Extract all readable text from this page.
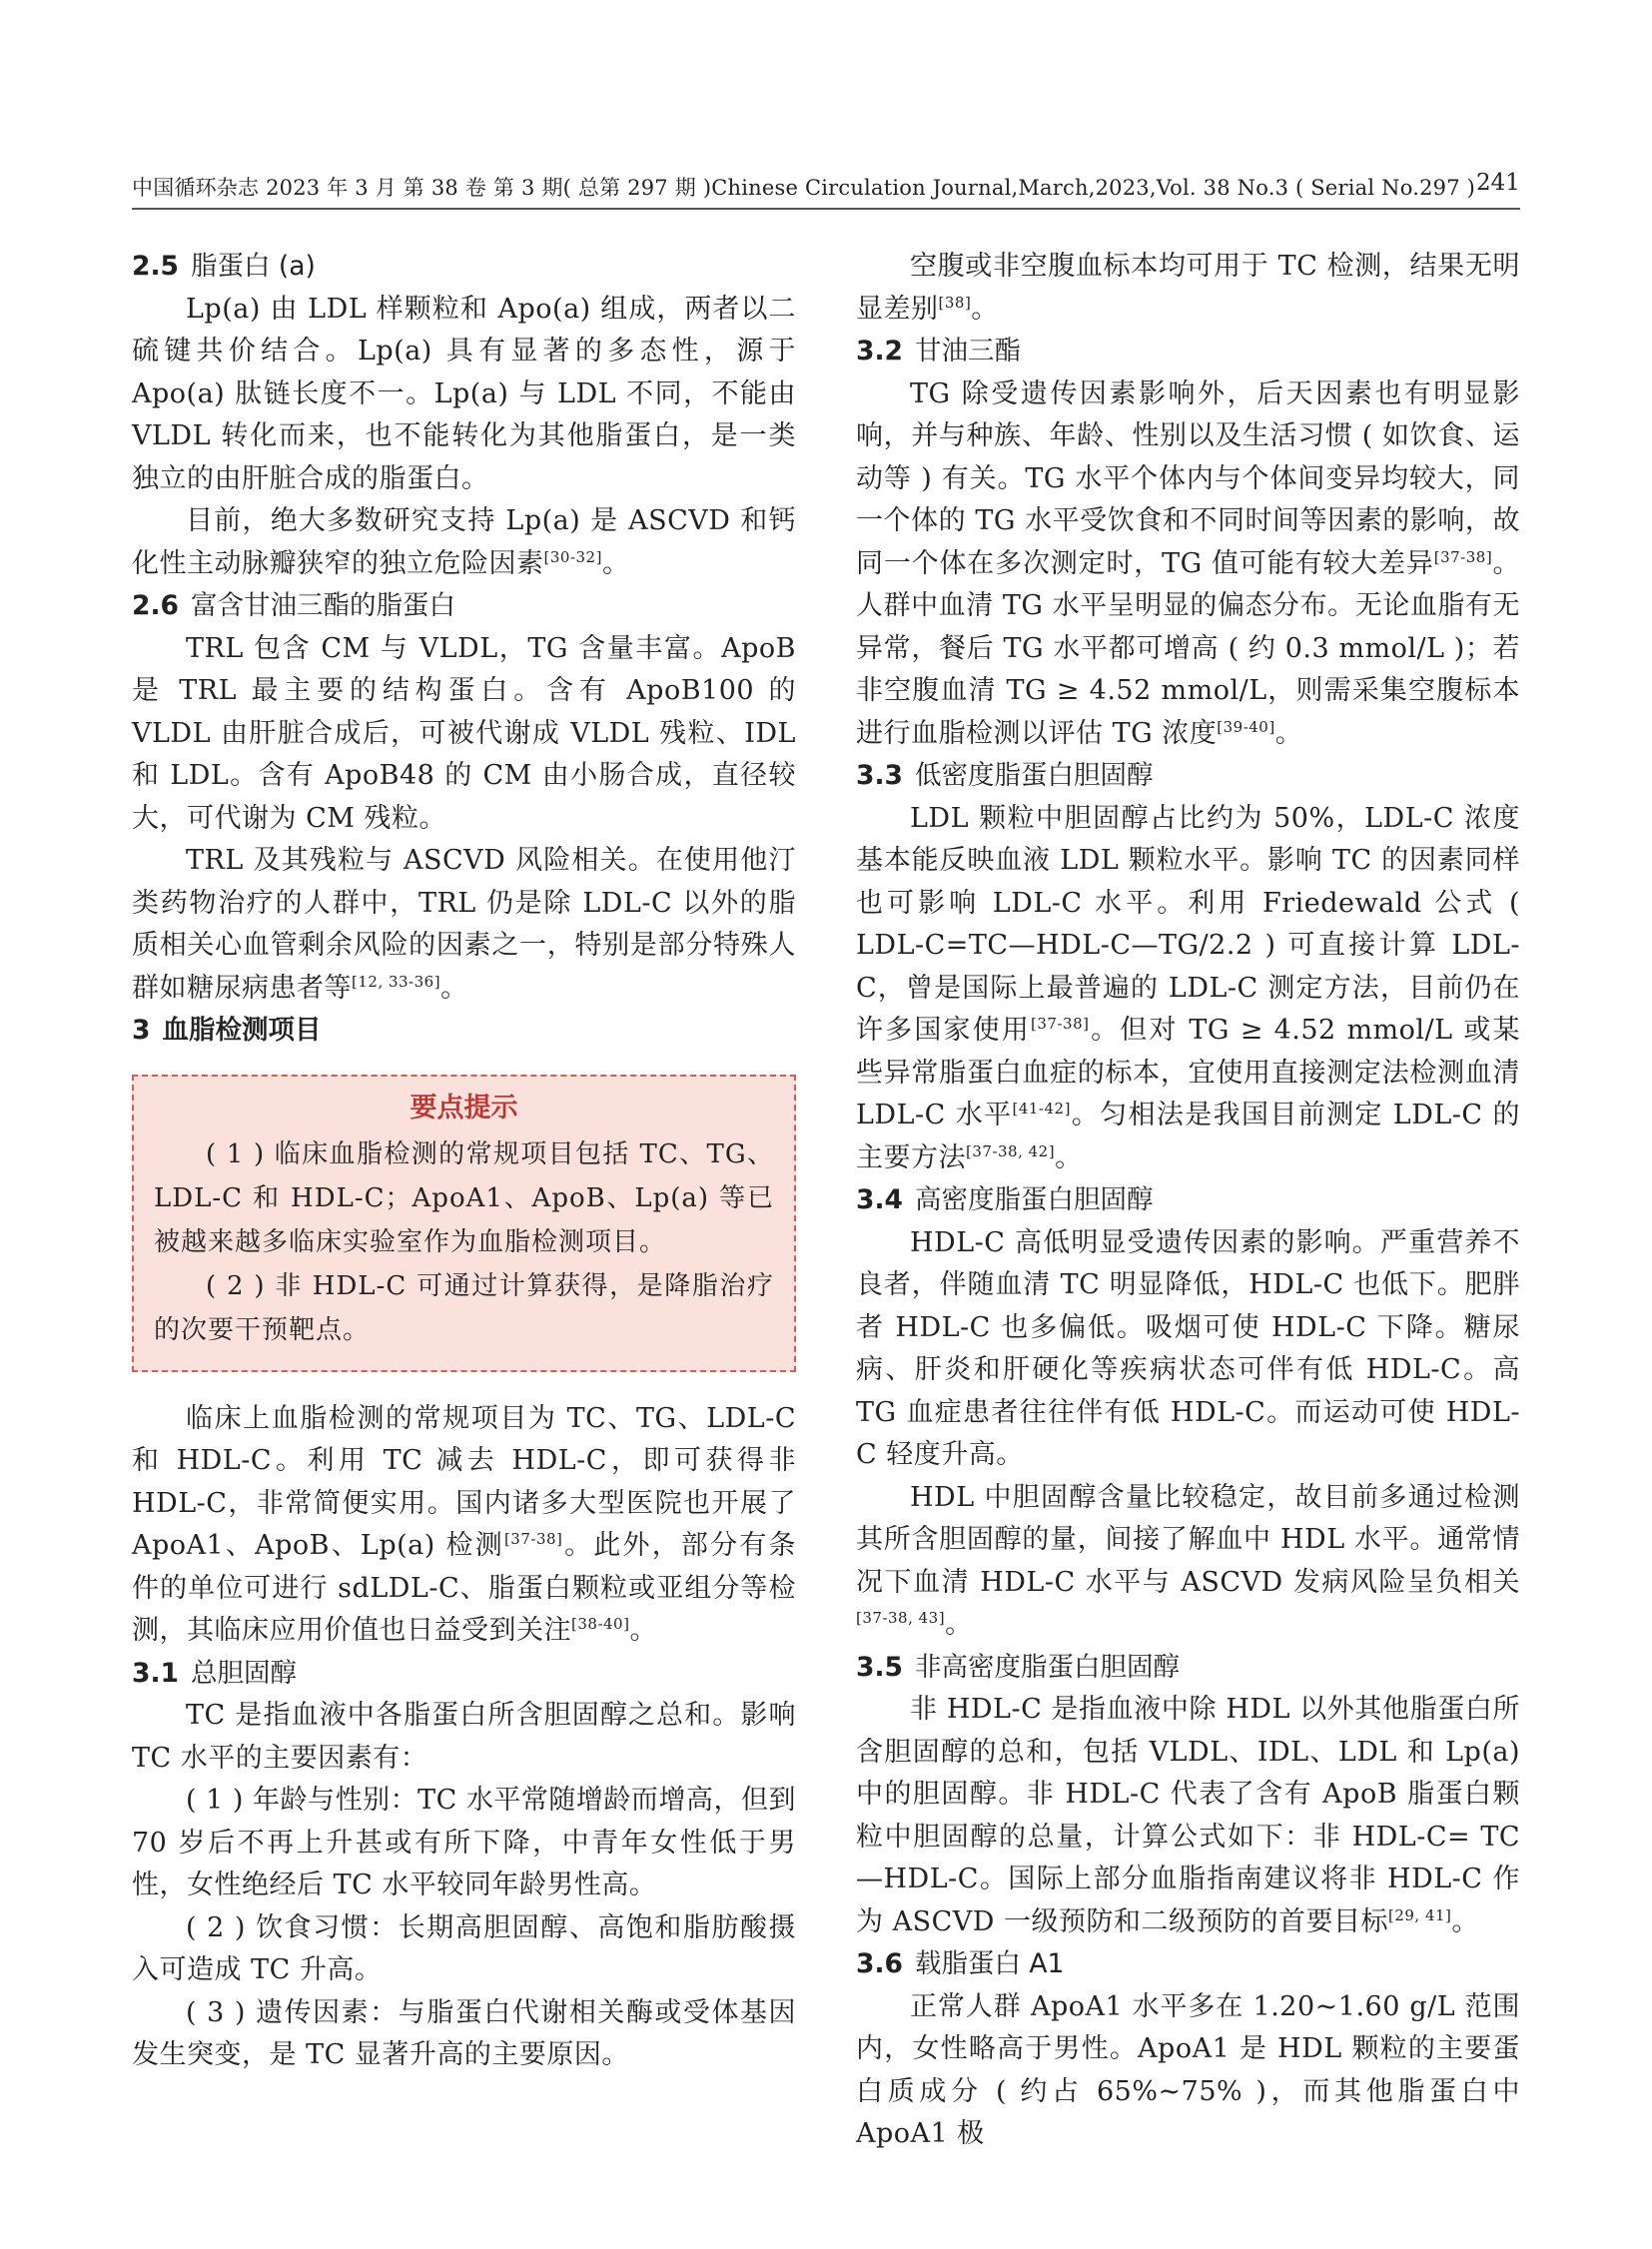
中国循环杂志 2023 年 3 月 第 38 卷 第 3 期( 总第 297 期 )Chinese Circulation Journal,March,2023,Vol. 38 No.3 ( Serial No.297 ) 241

2.5 脂蛋白 (a)

Lp(a) 由 LDL 样颗粒和 Apo(a) 组成，两者以二硫键共价结合。Lp(a) 具有显著的多态性，源于 Apo(a) 肽链长度不一。Lp(a) 与 LDL 不同，不能由 VLDL 转化而来，也不能转化为其他脂蛋白，是一类独立的由肝脏合成的脂蛋白。

目前，绝大多数研究支持 Lp(a) 是 ASCVD 和钙化性主动脉瓣狭窄的独立危险因素[30-32]。

2.6 富含甘油三酯的脂蛋白

TRL 包含 CM 与 VLDL，TG 含量丰富。ApoB 是 TRL 最主要的结构蛋白。含有 ApoB100 的 VLDL 由肝脏合成后，可被代谢成 VLDL 残粒、IDL 和 LDL。含有 ApoB48 的 CM 由小肠合成，直径较大，可代谢为 CM 残粒。

TRL 及其残粒与 ASCVD 风险相关。在使用他汀类药物治疗的人群中，TRL 仍是除 LDL-C 以外的脂质相关心血管剩余风险的因素之一，特别是部分特殊人群如糖尿病患者等[12, 33-36]。

3 血脂检测项目

要点提示

( 1 ) 临床血脂检测的常规项目包括 TC、TG、LDL-C 和 HDL-C；ApoA1、ApoB、Lp(a) 等已被越来越多临床实验室作为血脂检测项目。

( 2 ) 非 HDL-C 可通过计算获得，是降脂治疗的次要干预靶点。

临床上血脂检测的常规项目为 TC、TG、LDL-C 和 HDL-C。利用 TC 减去 HDL-C，即可获得非 HDL-C，非常简便实用。国内诸多大型医院也开展了 ApoA1、ApoB、Lp(a) 检测[37-38]。此外，部分有条件的单位可进行 sdLDL-C、脂蛋白颗粒或亚组分等检测，其临床应用价值也日益受到关注[38-40]。

3.1 总胆固醇

TC 是指血液中各脂蛋白所含胆固醇之总和。影响 TC 水平的主要因素有：

( 1 ) 年龄与性别：TC 水平常随增龄而增高，但到 70 岁后不再上升甚或有所下降，中青年女性低于男性，女性绝经后 TC 水平较同年龄男性高。

( 2 ) 饮食习惯：长期高胆固醇、高饱和脂肪酸摄入可造成 TC 升高。

( 3 ) 遗传因素：与脂蛋白代谢相关酶或受体基因发生突变，是 TC 显著升高的主要原因。

空腹或非空腹血标本均可用于 TC 检测，结果无明显差别[38]。

3.2 甘油三酯

TG 除受遗传因素影响外，后天因素也有明显影响，并与种族、年龄、性别以及生活习惯 ( 如饮食、运动等 ) 有关。TG 水平个体内与个体间变异均较大，同一个体的 TG 水平受饮食和不同时间等因素的影响，故同一个体在多次测定时，TG 值可能有较大差异[37-38]。人群中血清 TG 水平呈明显的偏态分布。无论血脂有无异常，餐后 TG 水平都可增高 ( 约 0.3 mmol/L )；若非空腹血清 TG ≥ 4.52 mmol/L，则需采集空腹标本进行血脂检测以评估 TG 浓度[39-40]。

3.3 低密度脂蛋白胆固醇

LDL 颗粒中胆固醇占比约为 50%，LDL-C 浓度基本能反映血液 LDL 颗粒水平。影响 TC 的因素同样也可影响 LDL-C 水平。利用 Friedewald 公式 ( LDL-C=TC—HDL-C—TG/2.2 ) 可直接计算 LDL-C，曾是国际上最普遍的 LDL-C 测定方法，目前仍在许多国家使用[37-38]。但对 TG ≥ 4.52 mmol/L 或某些异常脂蛋白血症的标本，宜使用直接测定法检测血清 LDL-C 水平[41-42]。匀相法是我国目前测定 LDL-C 的主要方法[37-38, 42]。

3.4 高密度脂蛋白胆固醇

HDL-C 高低明显受遗传因素的影响。严重营养不良者，伴随血清 TC 明显降低，HDL-C 也低下。肥胖者 HDL-C 也多偏低。吸烟可使 HDL-C 下降。糖尿病、肝炎和肝硬化等疾病状态可伴有低 HDL-C。高 TG 血症患者往往伴有低 HDL-C。而运动可使 HDL-C 轻度升高。

HDL 中胆固醇含量比较稳定，故目前多通过检测其所含胆固醇的量，间接了解血中 HDL 水平。通常情况下血清 HDL-C 水平与 ASCVD 发病风险呈负相关[37-38, 43]。

3.5 非高密度脂蛋白胆固醇

非 HDL-C 是指血液中除 HDL 以外其他脂蛋白所含胆固醇的总和，包括 VLDL、IDL、LDL 和 Lp(a) 中的胆固醇。非 HDL-C 代表了含有 ApoB 脂蛋白颗粒中胆固醇的总量，计算公式如下：非 HDL-C= TC—HDL-C。国际上部分血脂指南建议将非 HDL-C 作为 ASCVD 一级预防和二级预防的首要目标[29, 41]。

3.6 载脂蛋白 A1

正常人群 ApoA1 水平多在 1.20~1.60 g/L 范围内，女性略高于男性。ApoA1 是 HDL 颗粒的主要蛋白质成分 ( 约占 65%~75% )，而其他脂蛋白中 ApoA1 极
